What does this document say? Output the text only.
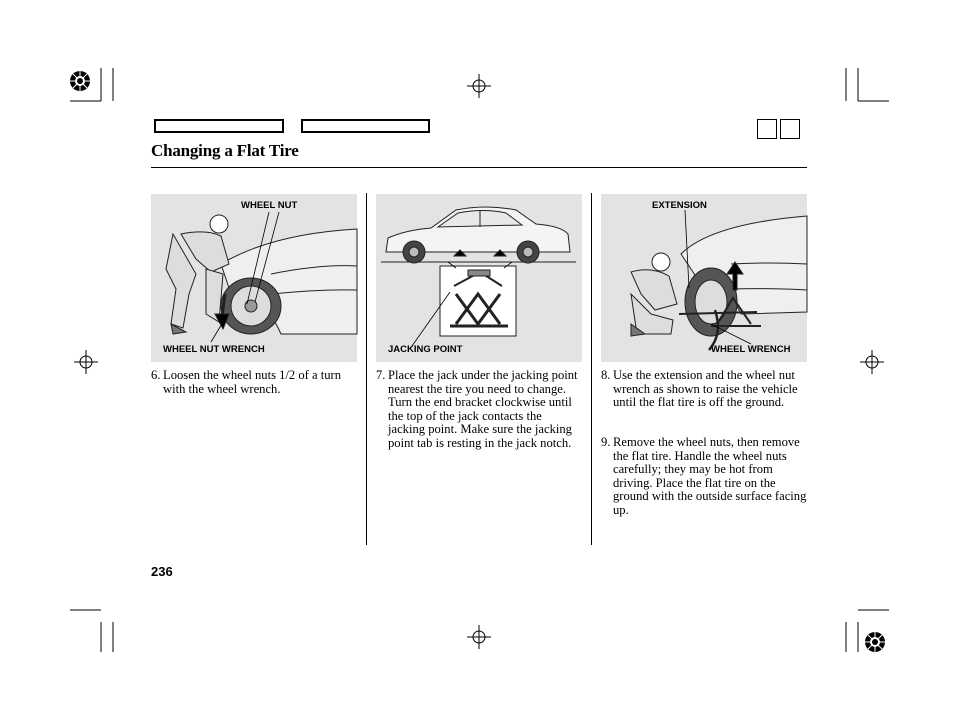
Changing a Flat Tire
WHEEL NUT
WHEEL NUT WRENCH	JACKING POINT
EXTENSION
WHEEL WRENCH
6. Loosen the wheel nuts 1/2 of a turn with the wheel wrench.
7. Place the jack under the jacking point nearest the tire you need to change. Turn the end bracket clockwise until the top of the jack contacts the jacking point. Make sure the jacking point tab is resting in the jack notch.
8. Use the extension and the wheel nut wrench as shown to raise the vehicle until the flat tire is off the ground.
9. Remove the wheel nuts, then remove the flat tire. Handle the wheel nuts carefully; they may be hot from driving. Place the flat tire on the ground with the outside surface facing up.
236
